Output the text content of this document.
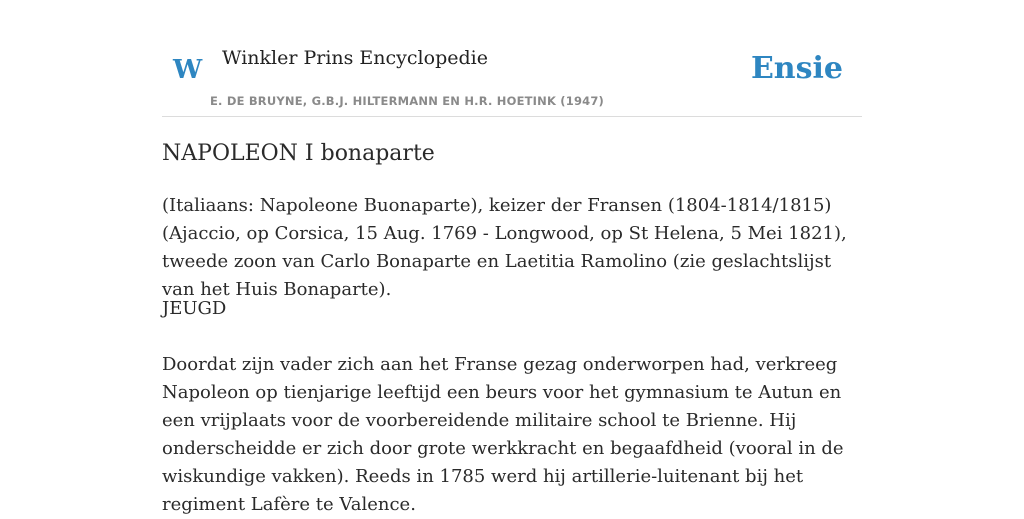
W Winkler Prins Encyclopedie
E. DE BRUYNE, G.B.J. HILTERMANN EN H.R. HOETINK (1947)
Ensie
NAPOLEON I bonaparte

(Italiaans: Napoleone Buonaparte), keizer der Fransen (1804-1814/1815) (Ajaccio, op Corsica, 15 Aug. 1769 - Longwood, op St Helena, 5 Mei 1821), tweede zoon van Carlo Bonaparte en Laetitia Ramolino (zie geslachtslijst van het Huis Bonaparte).

JEUGD

Doordat zijn vader zich aan het Franse gezag onderworpen had, verkreeg Napoleon op tienjarige leeftijd een beurs voor het gymnasium te Autun en een vrijplaats voor de voorbereidende militaire school te Brienne. Hij onderscheidde er zich door grote werkkracht en begaafdheid (vooral in de wiskundige vakken). Reeds in 1785 werd hij artillerie-luitenant bij het regiment Lafère te Valence.
